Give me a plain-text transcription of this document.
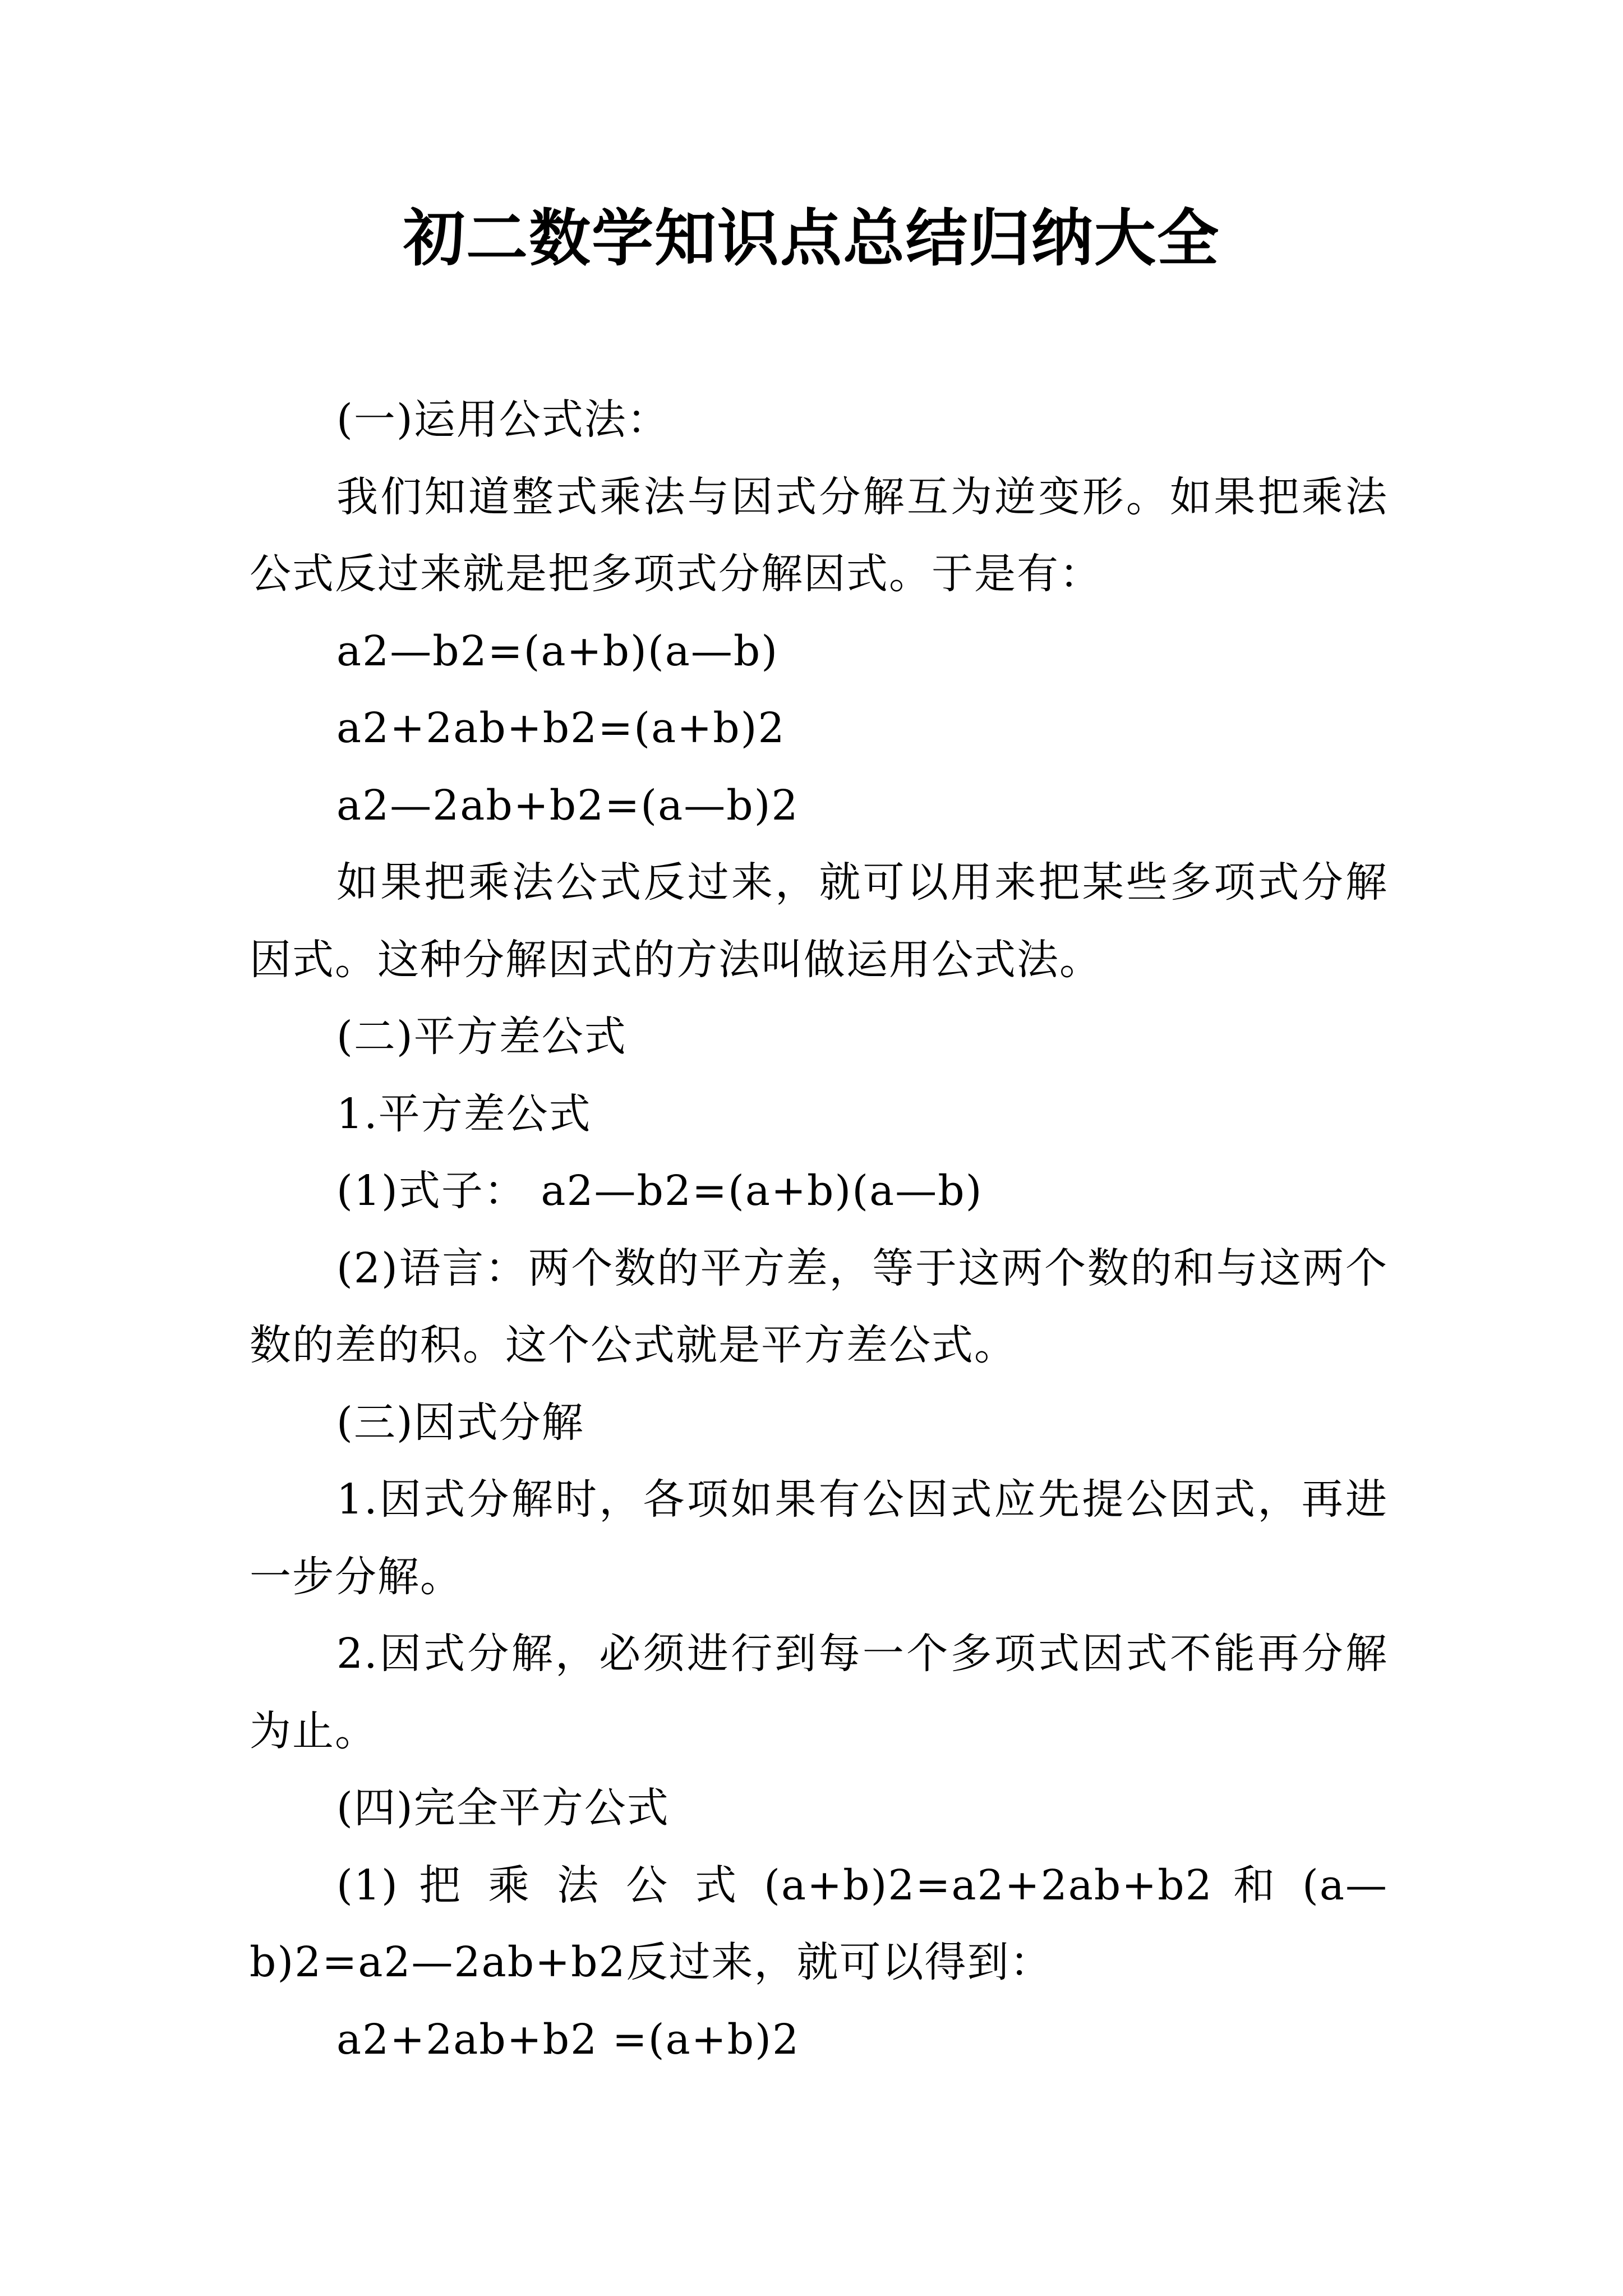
初二数学知识点总结归纳大全

(一)运用公式法：

我们知道整式乘法与因式分解互为逆变形。如果把乘法公式反过来就是把多项式分解因式。于是有：

a2—b2=(a+b)(a—b)

a2+2ab+b2=(a+b)2

a2—2ab+b2=(a—b)2

如果把乘法公式反过来，就可以用来把某些多项式分解因式。这种分解因式的方法叫做运用公式法。

(二)平方差公式

1.平方差公式

(1)式子： a2—b2=(a+b)(a—b)

(2)语言：两个数的平方差，等于这两个数的和与这两个数的差的积。这个公式就是平方差公式。

(三)因式分解

1.因式分解时，各项如果有公因式应先提公因式，再进一步分解。

2.因式分解，必须进行到每一个多项式因式不能再分解为止。

(四)完全平方公式

(1) 把 乘 法 公 式 (a+b)2=a2+2ab+b2 和 (a—b)2=a2—2ab+b2反过来，就可以得到：

a2+2ab+b2 =(a+b)2
